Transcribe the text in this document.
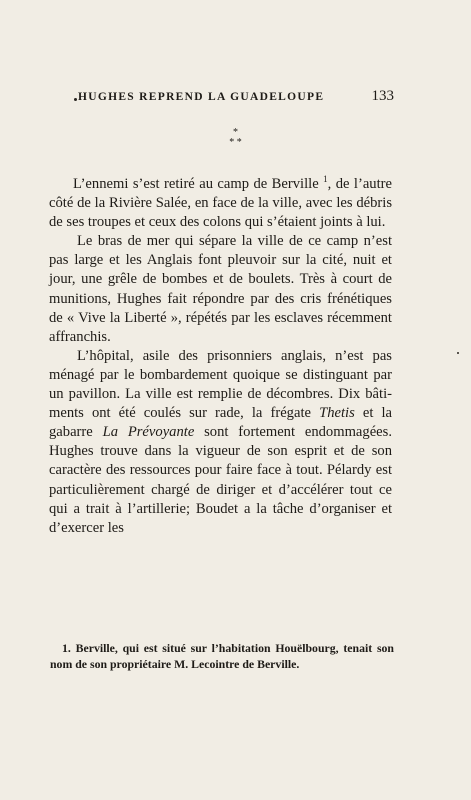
HUGHES REPREND LA GUADELOUPE	133
*
* *

L’ennemi s’est retiré au camp de Berville $^1$, de l’autre côté de la Rivière Salée, en face de la ville, avec les débris de ses troupes et ceux des colons qui s’étaient joints à lui.

Le bras de mer qui sépare la ville de ce camp n’est pas large et les Anglais font pleuvoir sur la cité, nuit et jour, une grêle de bombes et de boulets. Très à court de munitions, Hughes fait répondre par des cris frénétiques de « Vive la Liberté », répétés par les esclaves récemment affranchis.

L’hôpital, asile des prisonniers anglais, n’est pas ménagé par le bombardement quoique se distinguant par un pavillon. La ville est remplie de décombres. Dix bâtiments ont été coulés sur rade, la frégate Thetis et la gabarre La Prévoyante sont fortement endommagées. Hughes trouve dans la vigueur de son esprit et de son caractère des ressources pour faire face à tout. Pélardy est particulièrement chargé de diriger et d’accélérer tout ce qui a trait à l’artillerie; Boudet a la tâche d’organiser et d’exercer les

1. Berville, qui est situé sur l’habitation Houëlbourg, tenait son nom de son propriétaire M. Lecointre de Berville.
